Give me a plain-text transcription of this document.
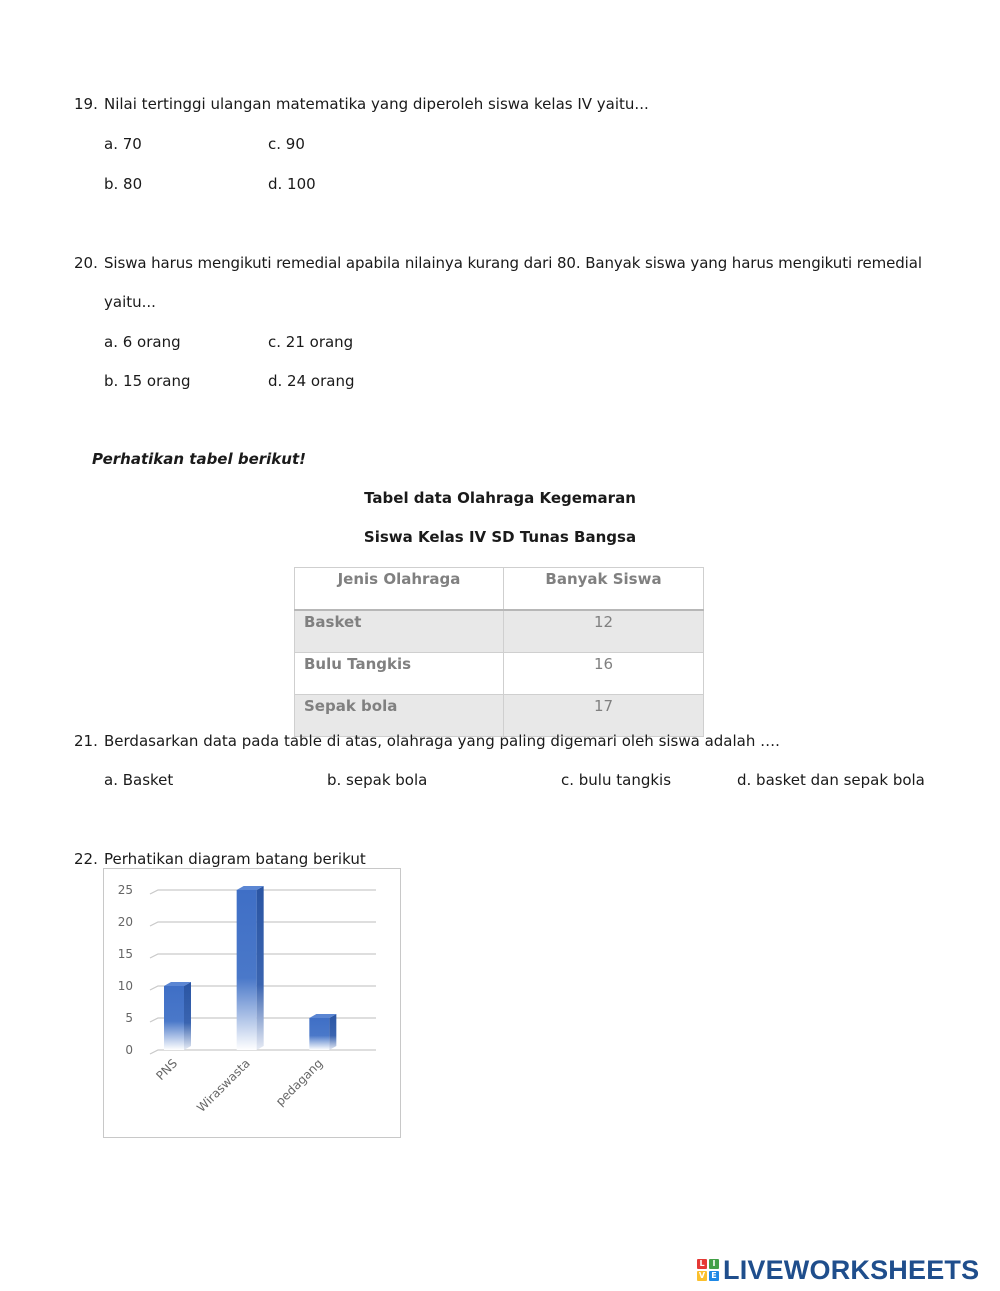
19. Nilai tertinggi ulangan matematika yang diperoleh siswa kelas IV yaitu...
a. 70	c. 90
b. 80	d. 100
20. Siswa harus mengikuti remedial apabila nilainya kurang dari 80. Banyak siswa yang harus mengikuti remedial
yaitu...
a. 6 orang	c. 21 orang
b. 15 orang	d. 24 orang
Perhatikan tabel berikut!
Tabel data Olahraga Kegemaran
Siswa Kelas IV SD Tunas Bangsa
Jenis Olahraga	Banyak Siswa
Basket	12
Bulu Tangkis	16
Sepak bola	17
21. Berdasarkan data pada table di atas, olahraga yang paling digemari oleh siswa adalah ….
a. Basket	b. sepak bola	c. bulu tangkis	d. basket dan sepak bola
22. Perhatikan diagram batang berikut
0
5
10
15
20
25
PNS Wiraswasta pedagang
L I
V E LIVEWORKSHEETS
